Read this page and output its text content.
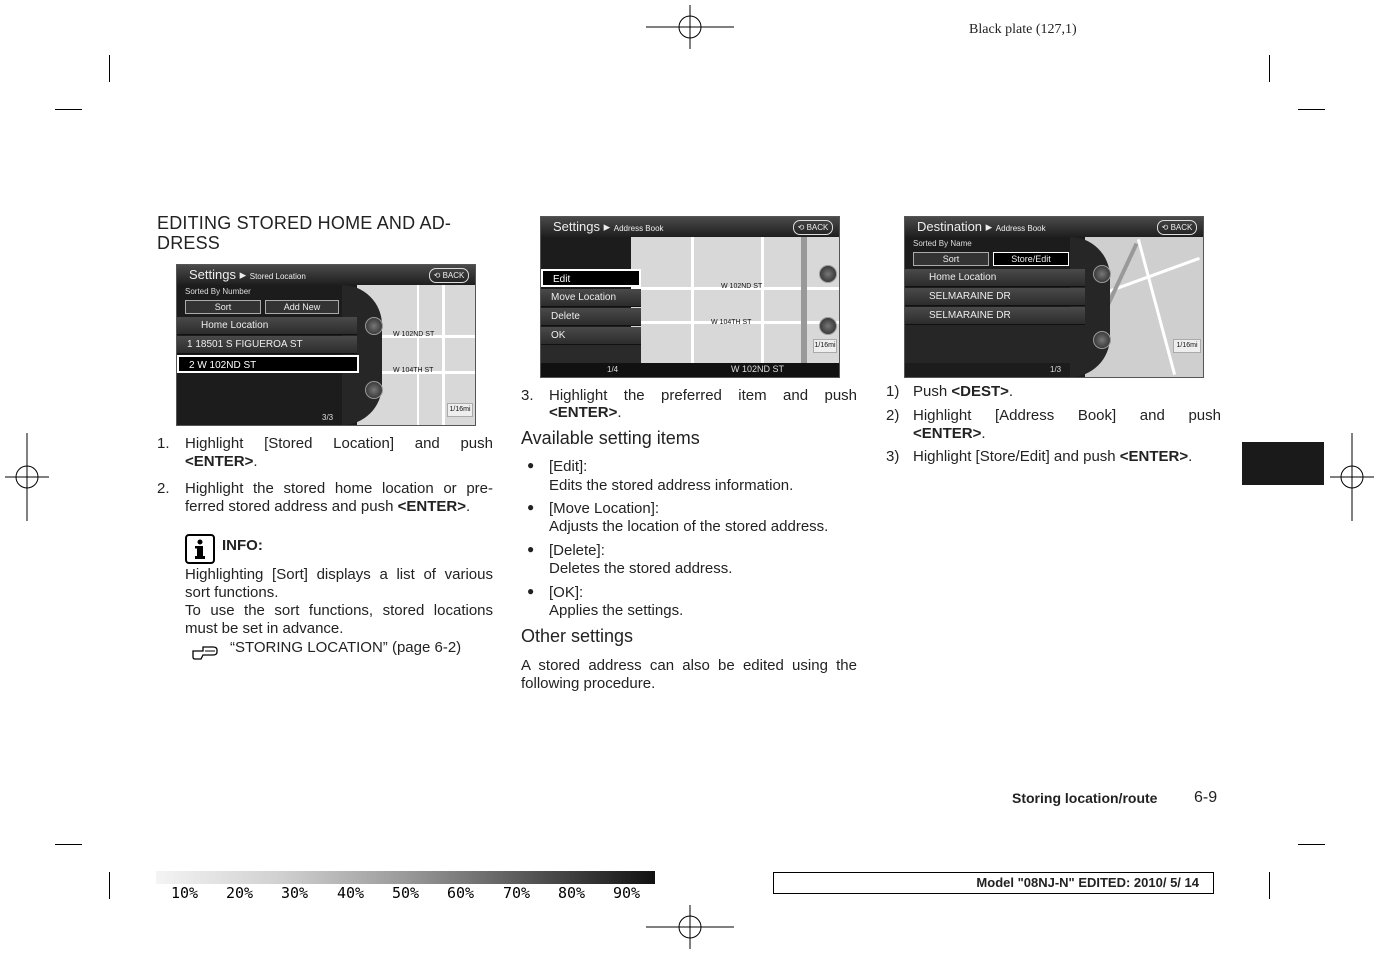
Black plate (127,1)
EDITING STORED HOME AND AD-
DRESS
W 102ND ST
W 104TH ST
1/16mi
Settings ▸ Stored Location	⟲ BACK
Sorted By Number
Sort	Add New
Home Location
1 18501 S FIGUEROA ST
2 W 102ND ST
3/3
1. Highlight [Stored Location] and push
<ENTER>.
2. Highlight the stored home location or pre-
ferred stored address and push <ENTER>.
INFO:
Highlighting [Sort] displays a list of various sort functions.
To use the sort functions, stored locations must be set in advance.
“STORING LOCATION” (page 6-2)
W 102ND ST
W 104TH ST
1/16mi
Settings ▸ Address Book	⟲ BACK
Edit
Move Location
Delete
OK
1/4	W 102ND ST
3. Highlight the preferred item and push
<ENTER>.
Available setting items
● [Edit]:
Edits the stored address information.
● [Move Location]:
Adjusts the location of the stored address.
● [Delete]:
Deletes the stored address.
● [OK]:
Applies the settings.
Other settings
A stored address can also be edited using the following procedure.
1/16mi
Destination ▸ Address Book	⟲ BACK
Sorted By Name
Sort	Store/Edit
Home Location
SELMARAINE DR
SELMARAINE DR
1/3
1) Push <DEST>.
2) Highlight [Address Book] and push
<ENTER>.
3) Highlight [Store/Edit] and push <ENTER>.
Storing location/route 6-9
10% 20% 30% 40% 50% 60% 70% 80% 90%
Model "08NJ-N" EDITED: 2010/ 5/ 14
